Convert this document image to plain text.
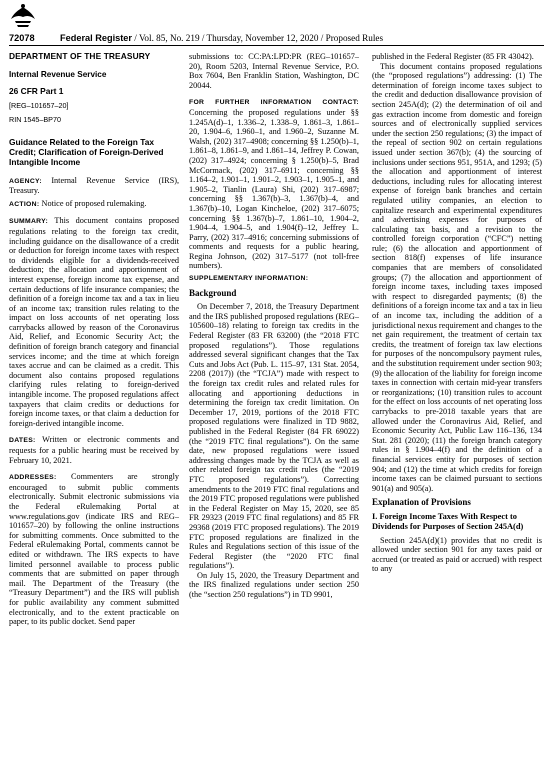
72078	Federal Register / Vol. 85, No. 219 / Thursday, November 12, 2020 / Proposed Rules
DEPARTMENT OF THE TREASURY
Internal Revenue Service
26 CFR Part 1
[REG–101657–20]
RIN 1545–BP70
Guidance Related to the Foreign Tax Credit; Clarification of Foreign-Derived Intangible Income

AGENCY: Internal Revenue Service (IRS), Treasury.

ACTION: Notice of proposed rulemaking.

SUMMARY: This document contains proposed regulations relating to the foreign tax credit, including guidance on the disallowance of a credit or deduction for foreign income taxes with respect to dividends eligible for a dividends-received deduction; the allocation and apportionment of interest expense, foreign income tax expense, and certain deductions of life insurance companies; the definition of a foreign income tax and a tax in lieu of an income tax; transition rules relating to the impact on loss accounts of net operating loss carrybacks allowed by reason of the Coronavirus Aid, Relief, and Economic Security Act; the definition of foreign branch category and financial services income; and the time at which foreign taxes accrue and can be claimed as a credit. This document also contains proposed regulations clarifying rules relating to foreign-derived intangible income. The proposed regulations affect taxpayers that claim credits or deductions for foreign income taxes, or that claim a deduction for foreign-derived intangible income.

DATES: Written or electronic comments and requests for a public hearing must be received by February 10, 2021.

ADDRESSES: Commenters are strongly encouraged to submit public comments electronically. Submit electronic submissions via the Federal eRulemaking Portal at www.regulations.gov (indicate IRS and REG–101657–20) by following the online instructions for submitting comments. Once submitted to the Federal eRulemaking Portal, comments cannot be edited or withdrawn. The IRS expects to have limited personnel available to process public comments that are submitted on paper through mail. The Department of the Treasury (the “Treasury Department”) and the IRS will publish for public availability any comment submitted electronically, and to the extent practicable on paper, to its public docket. Send paper

submissions to: CC:PA:LPD:PR (REG–101657–20), Room 5203, Internal Revenue Service, P.O. Box 7604, Ben Franklin Station, Washington, DC 20044.

FOR FURTHER INFORMATION CONTACT: Concerning the proposed regulations under §§ 1.245A(d)–1, 1.336–2, 1.338–9, 1.861–3, 1.861–20, 1.904–6, 1.960–1, and 1.960–2, Suzanne M. Walsh, (202) 317–4908; concerning §§ 1.250(b)–1, 1.861–8, 1.861–9, and 1.861–14, Jeffrey P. Cowan, (202) 317–4924; concerning § 1.250(b)–5, Brad McCormack, (202) 317–6911; concerning §§ 1.164–2, 1.901–1, 1.901–2, 1.903–1, 1.905–1, and 1.905–2, Tianlin (Laura) Shi, (202) 317–6987; concerning §§ 1.367(b)–3, 1.367(b)–4, and 1.367(b)–10, Logan Kincheloe, (202) 317–6075; concerning §§ 1.367(b)–7, 1.861–10, 1.904–2, 1.904–4, 1.904–5, and 1.904(f)–12, Jeffrey L. Parry, (202) 317–4916; concerning submissions of comments and requests for a public hearing, Regina Johnson, (202) 317–5177 (not toll-free numbers).

SUPPLEMENTARY INFORMATION:

Background

On December 7, 2018, the Treasury Department and the IRS published proposed regulations (REG–105600–18) relating to foreign tax credits in the Federal Register (83 FR 63200) (the “2018 FTC proposed regulations”). Those regulations addressed several significant changes that the Tax Cuts and Jobs Act (Pub. L. 115–97, 131 Stat. 2054, 2208 (2017)) (the “TCJA”) made with respect to the foreign tax credit rules and related rules for allocating and apportioning deductions in determining the foreign tax credit limitation. On December 17, 2019, portions of the 2018 FTC proposed regulations were finalized in TD 9882, published in the Federal Register (84 FR 69022) (the “2019 FTC final regulations”). On the same date, new proposed regulations were issued addressing changes made by the TCJA as well as other related foreign tax credit rules (the “2019 FTC proposed regulations”). Correcting amendments to the 2019 FTC final regulations and the 2019 FTC proposed regulations were published in the Federal Register on May 15, 2020, see 85 FR 29323 (2019 FTC final regulations) and 85 FR 29368 (2019 FTC proposed regulations). The 2019 FTC proposed regulations are finalized in the Rules and Regulations section of this issue of the Federal Register (the “2020 FTC final regulations”).

On July 15, 2020, the Treasury Department and the IRS finalized regulations under section 250 (the “section 250 regulations”) in TD 9901,

published in the Federal Register (85 FR 43042).

This document contains proposed regulations (the “proposed regulations”) addressing: (1) The determination of foreign income taxes subject to the credit and deduction disallowance provision of section 245A(d); (2) the determination of oil and gas extraction income from domestic and foreign sources and of electronically supplied services under the section 250 regulations; (3) the impact of the repeal of section 902 on certain regulations issued under section 367(b); (4) the sourcing of inclusions under sections 951, 951A, and 1293; (5) the allocation and apportionment of interest deductions, including rules for allocating interest expense of foreign bank branches and certain regulated utility companies, an election to capitalize research and experimental expenditures and advertising expenses for purposes of calculating tax basis, and a revision to the controlled foreign corporation (“CFC”) netting rule; (6) the allocation and apportionment of section 818(f) expenses of life insurance companies that are members of consolidated groups; (7) the allocation and apportionment of foreign income taxes, including taxes imposed with respect to disregarded payments; (8) the definitions of a foreign income tax and a tax in lieu of an income tax, including the addition of a jurisdictional nexus requirement and changes to the net gain requirement, the treatment of certain tax credits, the treatment of foreign tax law elections for purposes of the noncompulsory payment rules, and the substitution requirement under section 903; (9) the allocation of the liability for foreign income taxes in connection with certain mid-year transfers or reorganizations; (10) transition rules to account for the effect on loss accounts of net operating loss carrybacks to pre-2018 taxable years that are allowed under the Coronavirus Aid, Relief, and Economic Security Act, Public Law 116–136, 134 Stat. 281 (2020); (11) the foreign branch category rules in § 1.904–4(f) and the definition of a financial services entity for purposes of section 904; and (12) the time at which credits for foreign income taxes can be claimed pursuant to sections 901(a) and 905(a).

Explanation of Provisions
I. Foreign Income Taxes With Respect to Dividends for Purposes of Section 245A(d)

Section 245A(d)(1) provides that no credit is allowed under section 901 for any taxes paid or accrued (or treated as paid or accrued) with respect to any
